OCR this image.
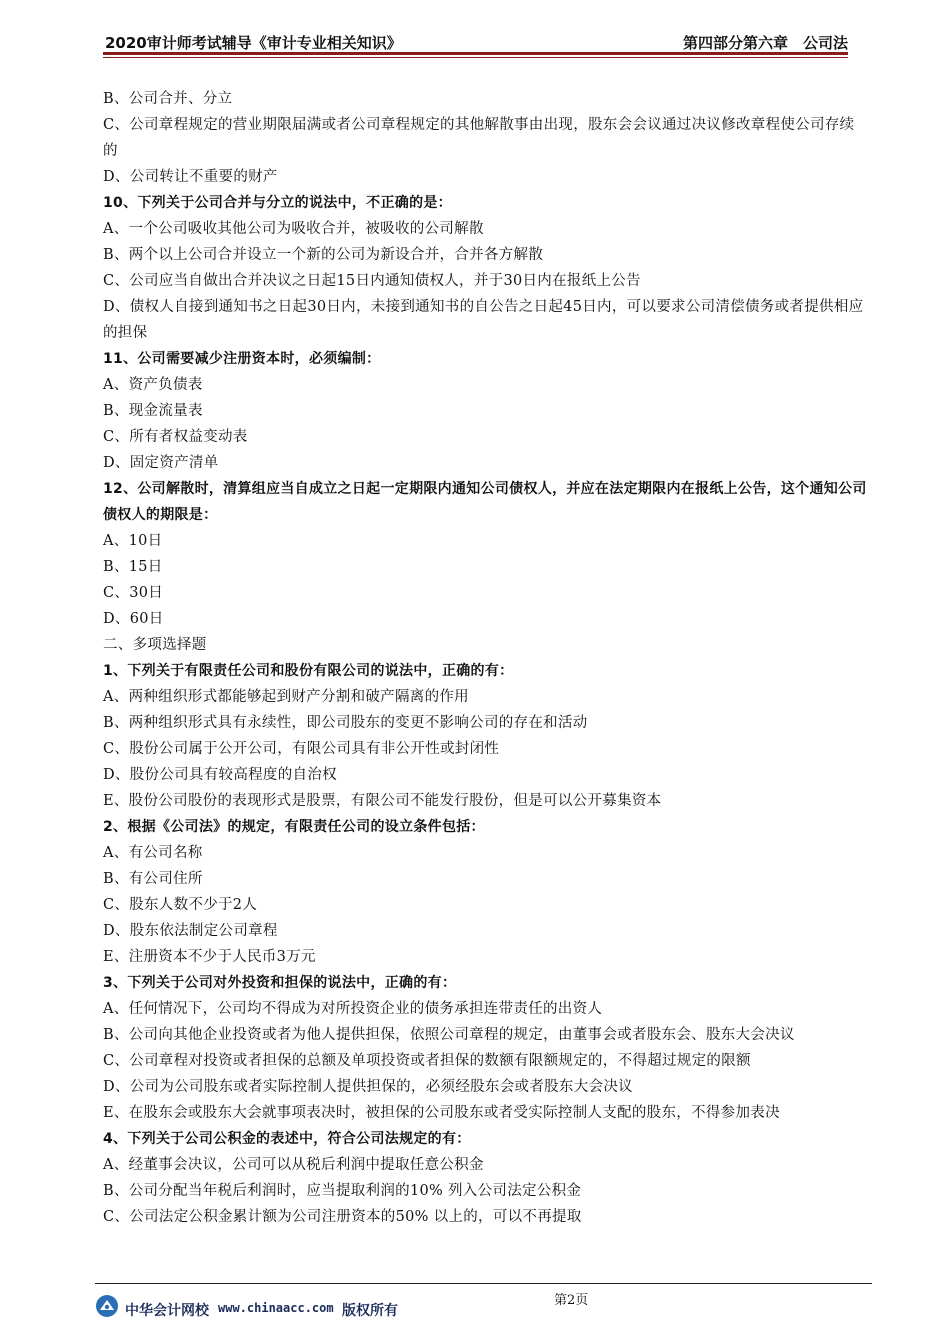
2020审计师考试辅导《审计专业相关知识》	第四部分第六章　公司法
B、公司合并、分立
C、公司章程规定的营业期限届满或者公司章程规定的其他解散事由出现，股东会会议通过决议修改章程使公司存续的
D、公司转让不重要的财产
10、下列关于公司合并与分立的说法中，不正确的是：
A、一个公司吸收其他公司为吸收合并，被吸收的公司解散
B、两个以上公司合并设立一个新的公司为新设合并，合并各方解散
C、公司应当自做出合并决议之日起15日内通知债权人，并于30日内在报纸上公告
D、债权人自接到通知书之日起30日内，未接到通知书的自公告之日起45日内，可以要求公司清偿债务或者提供相应的担保
11、公司需要减少注册资本时，必须编制：
A、资产负债表
B、现金流量表
C、所有者权益变动表
D、固定资产清单
12、公司解散时，清算组应当自成立之日起一定期限内通知公司债权人，并应在法定期限内在报纸上公告，这个通知公司债权人的期限是：
A、10日
B、15日
C、30日
D、60日
二、多项选择题
1、下列关于有限责任公司和股份有限公司的说法中，正确的有：
A、两种组织形式都能够起到财产分割和破产隔离的作用
B、两种组织形式具有永续性，即公司股东的变更不影响公司的存在和活动
C、股份公司属于公开公司，有限公司具有非公开性或封闭性
D、股份公司具有较高程度的自治权
E、股份公司股份的表现形式是股票，有限公司不能发行股份，但是可以公开募集资本
2、根据《公司法》的规定，有限责任公司的设立条件包括：
A、有公司名称
B、有公司住所
C、股东人数不少于2人
D、股东依法制定公司章程
E、注册资本不少于人民币3万元
3、下列关于公司对外投资和担保的说法中，正确的有：
A、任何情况下，公司均不得成为对所投资企业的债务承担连带责任的出资人
B、公司向其他企业投资或者为他人提供担保，依照公司章程的规定，由董事会或者股东会、股东大会决议
C、公司章程对投资或者担保的总额及单项投资或者担保的数额有限额规定的，不得超过规定的限额
D、公司为公司股东或者实际控制人提供担保的，必须经股东会或者股东大会决议
E、在股东会或股东大会就事项表决时，被担保的公司股东或者受实际控制人支配的股东，不得参加表决
4、下列关于公司公积金的表述中，符合公司法规定的有：
A、经董事会决议，公司可以从税后利润中提取任意公积金
B、公司分配当年税后利润时，应当提取利润的10% 列入公司法定公积金
C、公司法定公积金累计额为公司注册资本的50% 以上的，可以不再提取
中华会计网校 www.chinaacc.com 版权所有
第2页
